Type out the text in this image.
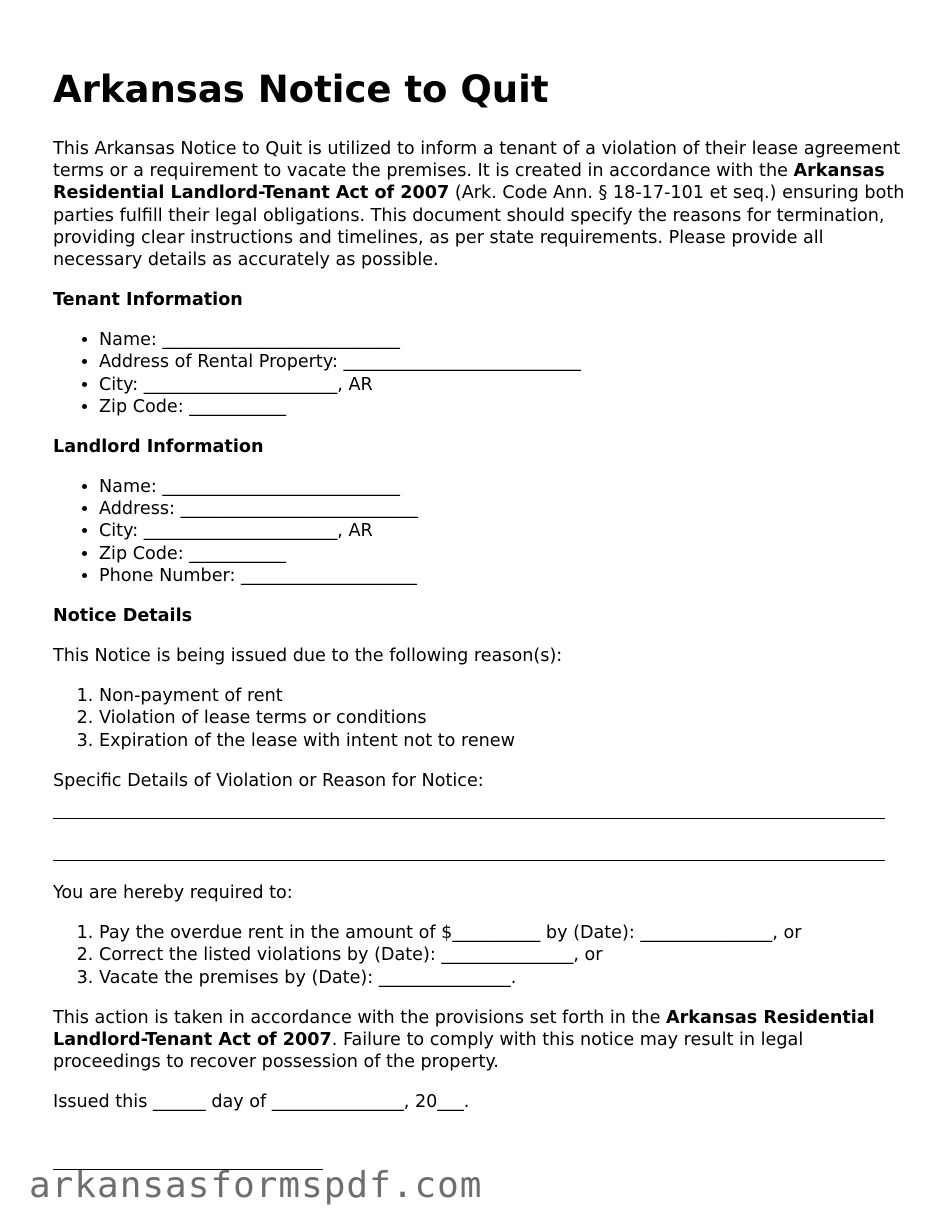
Arkansas Notice to Quit

This Arkansas Notice to Quit is utilized to inform a tenant of a violation of their lease agreement terms or a requirement to vacate the premises. It is created in accordance with the Arkansas Residential Landlord-Tenant Act of 2007 (Ark. Code Ann. § 18-17-101 et seq.) ensuring both parties fulfill their legal obligations. This document should specify the reasons for termination, providing clear instructions and timelines, as per state requirements. Please provide all necessary details as accurately as possible.

Tenant Information
• Name: ___________________________
• Address of Rental Property: ___________________________
• City: ______________________, AR
• Zip Code: ___________
Landlord Information
• Name: ___________________________
• Address: ___________________________
• City: ______________________, AR
• Zip Code: ___________
• Phone Number: ____________________
Notice Details

This Notice is being issued due to the following reason(s):

1. Non-payment of rent
2. Violation of lease terms or conditions
3. Expiration of the lease with intent not to renew

Specific Details of Violation or Reason for Notice:

You are hereby required to:

1. Pay the overdue rent in the amount of $__________ by (Date): _______________, or
2. Correct the listed violations by (Date): _______________, or
3. Vacate the premises by (Date): _______________.

This action is taken in accordance with the provisions set forth in the Arkansas Residential Landlord-Tenant Act of 2007. Failure to comply with this notice may result in legal proceedings to recover possession of the property.

Issued this ______ day of _______________, 20___.

arkansasformspdf.com
